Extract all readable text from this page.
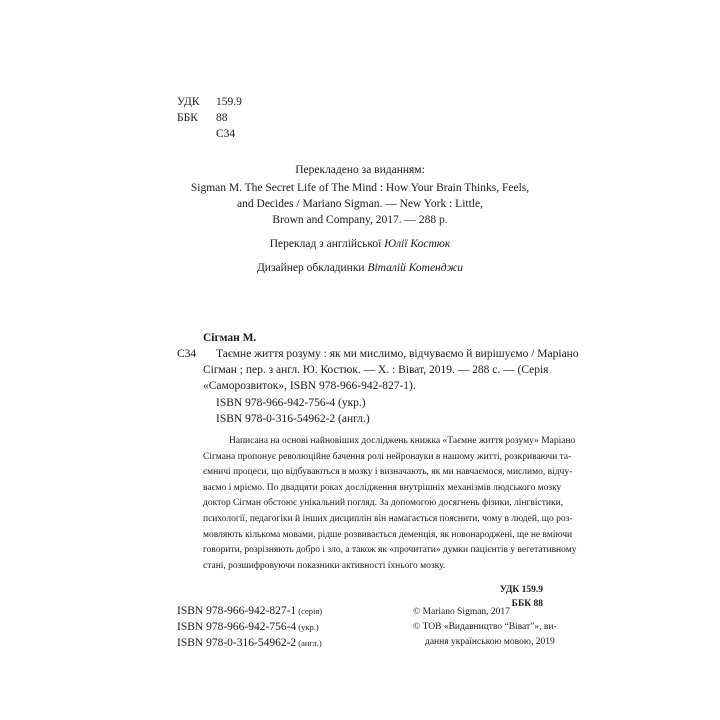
УДК 159.9
ББК 88
С34
Перекладено за виданням:
Sigman M. The Secret Life of The Mind : How Your Brain Thinks, Feels,
and Decides / Mariano Sigman. — New York : Little,
Brown and Company, 2017. — 288 p.
Переклад з англійської Юлії Костюк
Дизайнер обкладинки Віталій Котенджи
Сігман М.
С34 Таємне життя розуму : як ми мислимо, відчуваємо й вирішуємо / Маріано
Сігман ; пер. з англ. Ю. Костюк. — Х. : Віват, 2019. — 288 с. — (Серія
«Саморозвиток», ISBN 978-966-942-827-1).
ISBN 978-966-942-756-4 (укр.)
ISBN 978-0-316-54962-2 (англ.)
Написана на основі найновіших досліджень книжка «Таємне життя розуму» Маріано
Сігмана пропонує революційне бачення ролі нейронауки в нашому житті, розкриваючи та-
ємничі процеси, що відбуваються в мозку і визначають, як ми навчаємося, мислимо, відчу-
ваємо і мріємо. По двадцяти роках дослідження внутрішніх механізмів людського мозку
доктор Сігман обстоює унікальний погляд. За допомогою досягнень фізики, лінгвістики,
психології, педагогіки й інших дисциплін він намагається пояснити, чому в людей, що роз-
мовляють кількома мовами, рідше розвивається деменція, як новонароджені, ще не вміючи
говорити, розрізняють добро і зло, а також як «прочитати» думки пацієнтів у вегетативному
стані, розшифровуючи показники активності їхнього мозку.
УДК 159.9
ББК 88
ISBN 978-966-942-827-1 (серія)
ISBN 978-966-942-756-4 (укр.)
ISBN 978-0-316-54962-2 (англ.)
© Mariano Sigman, 2017
© ТОВ «Видавництво “Віват”», ви-
дання українською мовою, 2019
